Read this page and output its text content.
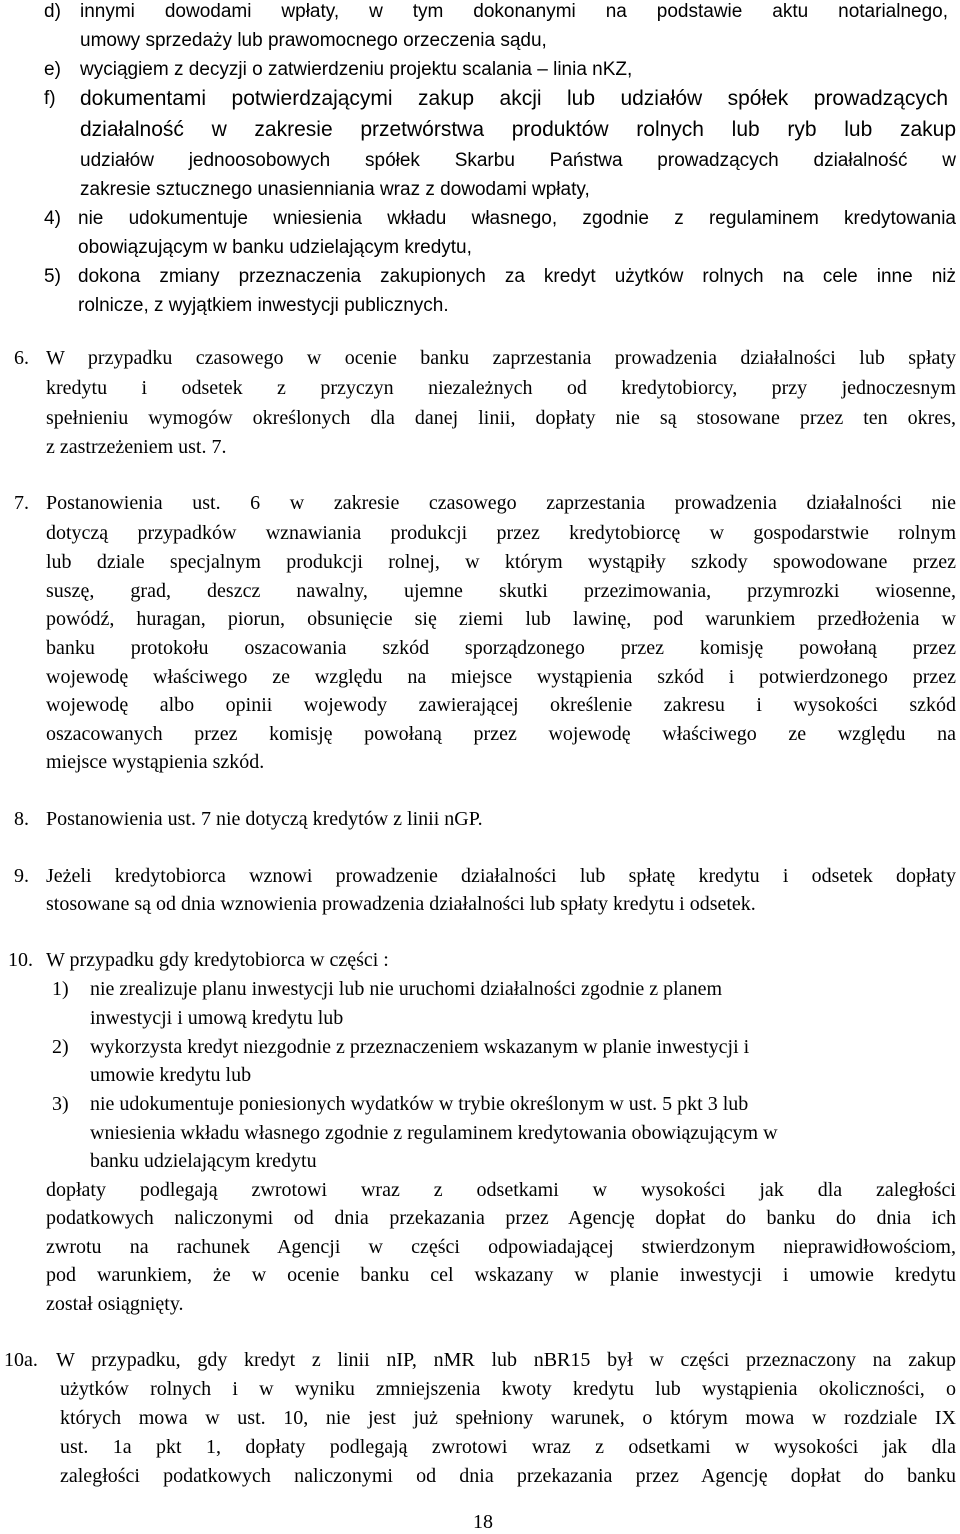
d) innymi dowodami wpłaty, w tym dokonanymi na podstawie aktu notarialnego,
umowy sprzedaży lub prawomocnego orzeczenia sądu,
e) wyciągiem z decyzji o zatwierdzeniu projektu scalania – linia nKZ,
f) dokumentami potwierdzającymi zakup akcji lub udziałów spółek prowadzących
działalność w zakresie przetwórstwa produktów rolnych lub ryb lub zakup
udziałów jednoosobowych spółek Skarbu Państwa prowadzących działalność w
zakresie sztucznego unasienniania wraz z dowodami wpłaty,
4) nie udokumentuje wniesienia wkładu własnego, zgodnie z regulaminem kredytowania
obowiązującym w banku udzielającym kredytu,
5) dokona zmiany przeznaczenia zakupionych za kredyt użytków rolnych na cele inne niż
rolnicze, z wyjątkiem inwestycji publicznych.
6. W przypadku czasowego w ocenie banku zaprzestania prowadzenia działalności lub spłaty
kredytu i odsetek z przyczyn niezależnych od kredytobiorcy, przy jednoczesnym
spełnieniu wymogów określonych dla danej linii, dopłaty nie są stosowane przez ten okres,
z zastrzeżeniem ust. 7.
7. Postanowienia ust. 6 w zakresie czasowego zaprzestania prowadzenia działalności nie
dotyczą przypadków wznawiania produkcji przez kredytobiorcę w gospodarstwie rolnym
lub dziale specjalnym produkcji rolnej, w którym wystąpiły szkody spowodowane przez
suszę, grad, deszcz nawalny, ujemne skutki przezimowania, przymrozki wiosenne,
powódź, huragan, piorun, obsunięcie się ziemi lub lawinę, pod warunkiem przedłożenia w
banku protokołu oszacowania szkód sporządzonego przez komisję powołaną przez
wojewodę właściwego ze względu na miejsce wystąpienia szkód i potwierdzonego przez
wojewodę albo opinii wojewody zawierającej określenie zakresu i wysokości szkód
oszacowanych przez komisję powołaną przez wojewodę właściwego ze względu na
miejsce wystąpienia szkód.
8. Postanowienia ust. 7 nie dotyczą kredytów z linii nGP.
9. Jeżeli kredytobiorca wznowi prowadzenie działalności lub spłatę kredytu i odsetek dopłaty
stosowane są od dnia wznowienia prowadzenia działalności lub spłaty kredytu i odsetek.
10. W przypadku gdy kredytobiorca w części :
1) nie zrealizuje planu inwestycji lub nie uruchomi działalności zgodnie z planem
inwestycji i umową kredytu lub
2) wykorzysta kredyt niezgodnie z przeznaczeniem wskazanym w planie inwestycji i
umowie kredytu lub
3) nie udokumentuje poniesionych wydatków w trybie określonym w ust. 5 pkt 3 lub
wniesienia wkładu własnego zgodnie z regulaminem kredytowania obowiązującym w
banku udzielającym kredytu
dopłaty podlegają zwrotowi wraz z odsetkami w wysokości jak dla zaległości
podatkowych naliczonymi od dnia przekazania przez Agencję dopłat do banku do dnia ich
zwrotu na rachunek Agencji w części odpowiadającej stwierdzonym nieprawidłowościom,
pod warunkiem, że w ocenie banku cel wskazany w planie inwestycji i umowie kredytu
został osiągnięty.
10a. W przypadku, gdy kredyt z linii nIP, nMR lub nBR15 był w części przeznaczony na zakup
użytków rolnych i w wyniku zmniejszenia kwoty kredytu lub wystąpienia okoliczności, o
których mowa w ust. 10, nie jest już spełniony warunek, o którym mowa w rozdziale IX
ust. 1a pkt 1, dopłaty podlegają zwrotowi wraz z odsetkami w wysokości jak dla
zaległości podatkowych naliczonymi od dnia przekazania przez Agencję dopłat do banku
18
